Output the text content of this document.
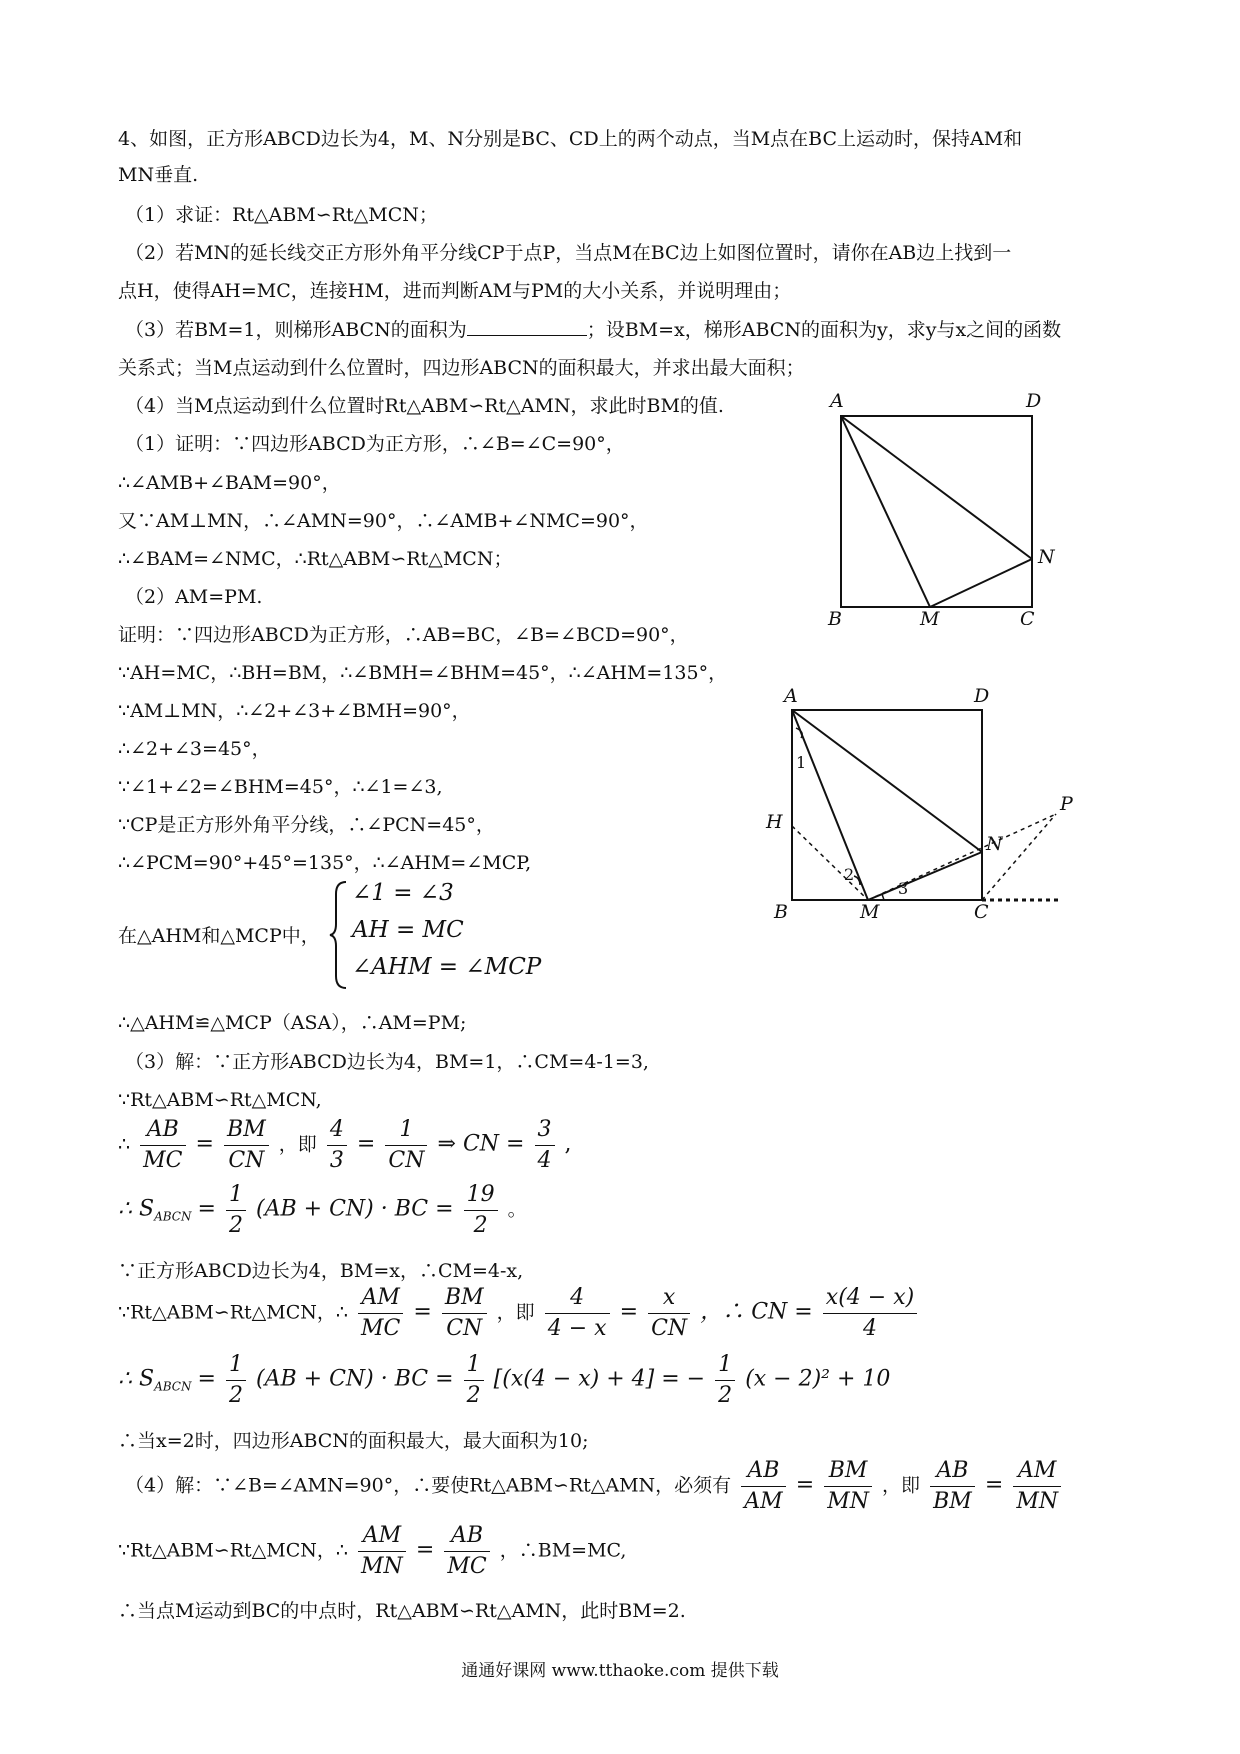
4、如图，正方形ABCD边长为4，M、N分别是BC、CD上的两个动点，当M点在BC上运动时，保持AM和
MN垂直.
（1）求证：Rt△ABM∽Rt△MCN；
（2）若MN的延长线交正方形外角平分线CP于点P，当点M在BC边上如图位置时，请你在AB边上找到一
点H，使得AH=MC，连接HM，进而判断AM与PM的大小关系，并说明理由；
（3）若BM=1，则梯形ABCN的面积为	；设BM=x，梯形ABCN的面积为y，求y与x之间的函数
关系式；当M点运动到什么位置时，四边形ABCN的面积最大，并求出最大面积；
（4）当M点运动到什么位置时Rt△ABM∽Rt△AMN，求此时BM的值.
（1）证明：∵四边形ABCD为正方形，∴∠B=∠C=90°，
∴∠AMB+∠BAM=90°，
又∵AM⊥MN，∴∠AMN=90°，∴∠AMB+∠NMC=90°，
∴∠BAM=∠NMC，∴Rt△ABM∽Rt△MCN；
（2）AM=PM.
证明：∵四边形ABCD为正方形，∴AB=BC，∠B=∠BCD=90°，
∵AH=MC，∴BH=BM，∴∠BMH=∠BHM=45°，∴∠AHM=135°，
∵AM⊥MN，∴∠2+∠3+∠BMH=90°，
∴∠2+∠3=45°，
∵∠1+∠2=∠BHM=45°，∴∠1=∠3,
∵CP是正方形外角平分线，∴∠PCN=45°，
∴∠PCM=90°+45°=135°，∴∠AHM=∠MCP,
在△AHM和△MCP中，
∠1 = ∠3
AH = MC
∠AHM = ∠MCP
∴△AHM≌△MCP（ASA），∴AM=PM;
（3）解：∵正方形ABCD边长为4，BM=1，∴CM=4-1=3,
∵Rt△ABM∽Rt△MCN,
∴ $\frac{AB}{MC} = \frac{BM}{CN}$ ，即 $\frac{4}{3} = \frac{1}{CN}$ ⇒ CN = $\frac{3}{4}$ ,
∴ $S_{ABCN} = \frac{1}{2} (AB + CN)$ · BC = $\frac{19}{2}$ 。
∵正方形ABCD边长为4，BM=x，∴CM=4-x,
∵Rt△ABM∽Rt△MCN，∴ $\frac{AM}{MC} = \frac{BM}{CN}$ ，即 $\frac{4}{4 - x} = \frac{x}{CN}$ ，∴ CN = $\frac{x(4 - x)}{4}$
∴ $S_{ABCN} = \frac{1}{2} (AB + CN)$ · BC = $\frac{1}{2} [(x(4 - x) + 4]$ = − $\frac{1}{2} (x - 2)^2 + 10$
∴当x=2时，四边形ABCN的面积最大，最大面积为10;
（4）解：∵∠B=∠AMN=90°，∴要使Rt△ABM∽Rt△AMN，必须有 $\frac{AB}{AM} = \frac{BM}{MN}$ ，即 $\frac{AB}{BM} = \frac{AM}{MN}$
∵Rt△ABM∽Rt△MCN，∴ $\frac{AM}{MN} = \frac{AB}{MC}$ ，∴BM=MC,
∴当点M运动到BC的中点时，Rt△ABM∽Rt△AMN，此时BM=2.
A	D
B	C
M
N
A	D
B	C
M
N
H
P
1
2
3
通通好课网 www.tthaoke.com 提供下载
